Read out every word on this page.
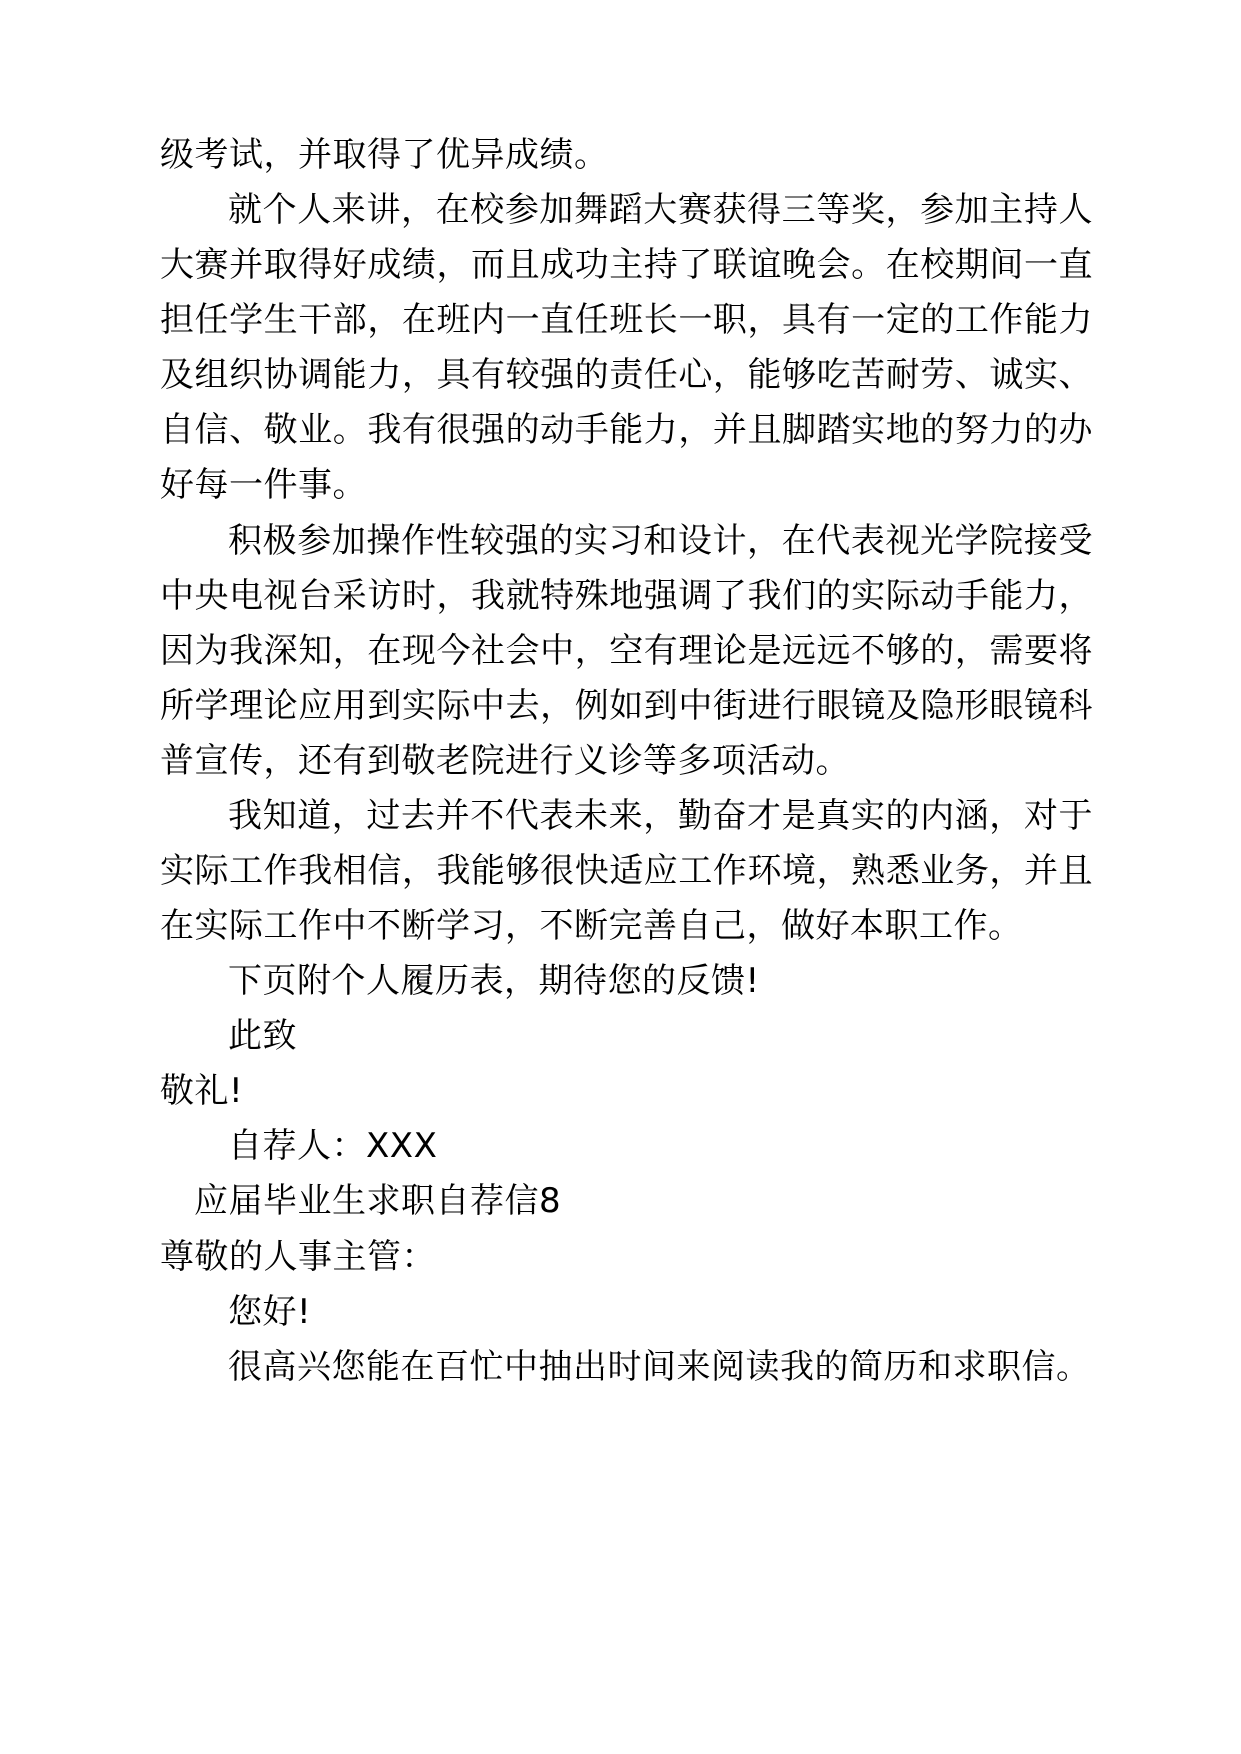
级考试，并取得了优异成绩。

就个人来讲，在校参加舞蹈大赛获得三等奖，参加主持人大赛并取得好成绩，而且成功主持了联谊晚会。在校期间一直担任学生干部，在班内一直任班长一职，具有一定的工作能力及组织协调能力，具有较强的责任心，能够吃苦耐劳、诚实、自信、敬业。我有很强的动手能力，并且脚踏实地的努力的办好每一件事。

积极参加操作性较强的实习和设计，在代表视光学院接受中央电视台采访时，我就特殊地强调了我们的实际动手能力，因为我深知，在现今社会中，空有理论是远远不够的，需要将所学理论应用到实际中去，例如到中街进行眼镜及隐形眼镜科普宣传，还有到敬老院进行义诊等多项活动。

我知道，过去并不代表未来，勤奋才是真实的内涵，对于实际工作我相信，我能够很快适应工作环境，熟悉业务，并且在实际工作中不断学习，不断完善自己，做好本职工作。

下页附个人履历表，期待您的反馈!

此致

敬礼!

自荐人：XXX

应届毕业生求职自荐信8

尊敬的人事主管：

您好!

很高兴您能在百忙中抽出时间来阅读我的简历和求职信。
